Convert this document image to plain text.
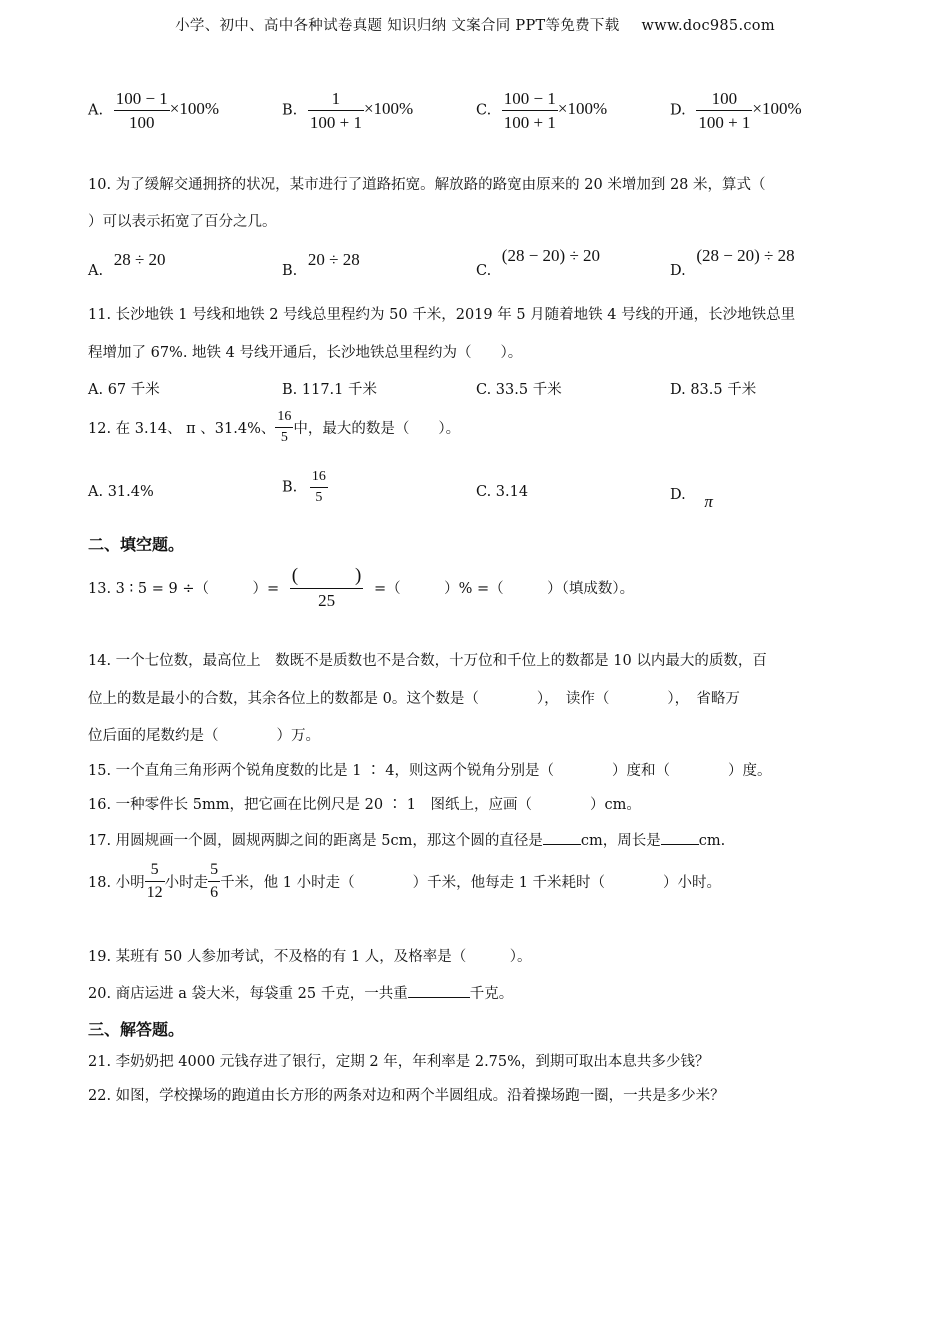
小学、初中、高中各种试卷真题 知识归纳 文案合同 PPT等免费下载 www.doc985.com
A. $\frac{100 - 1}{100} \times 100\%$	B. $\frac{1}{100 + 1} \times 100\%$	C. $\frac{100 - 1}{100 + 1} \times 100\%$	D. $\frac{100}{100 + 1} \times 100\%$
10. 为了缓解交通拥挤的状况，某市进行了道路拓宽。解放路的路宽由原来的 20 米增加到 28 米，算式（
）可以表示拓宽了百分之几。
A. 28 ÷ 20
B. 20 ÷ 28
C. (28 − 20) ÷ 20
D. (28 − 20) ÷ 28
11. 长沙地铁 1 号线和地铁 2 号线总里程约为 50 千米，2019 年 5 月随着地铁 4 号线的开通，长沙地铁总里
程增加了 67%. 地铁 4 号线开通后，长沙地铁总里程约为（　　）。
A. 67 千米	B. 117.1 千米	C. 33.5 千米	D. 83.5 千米
12. 在 3.14、 π 、31.4%、 $\frac{16}{5}$ 中，最大的数是（　　）。
A. 31.4%	B. $\frac{16}{5}$	C. 3.14	D. π
二、填空题。
13. 3 ∶ 5 = 9 ÷（　　　）= $\frac{( )}{25}$ =（　　　）% =（　　　）（填成数）。
14. 一个七位数，最高位上　数既不是质数也不是合数，十万位和千位上的数都是 10 以内最大的质数，百
位上的数是最小的合数，其余各位上的数都是 0。这个数是（　　　　），　读作（　　　　），　省略万
位后面的尾数约是（　　　　）万。
15. 一个直角三角形两个锐角度数的比是 1 ∶ 4，则这两个锐角分别是（　　　　）度和（　　　　）度。
16. 一种零件长 5mm，把它画在比例尺是 20 ∶ 1　图纸上，应画（　　　　）cm。
17. 用圆规画一个圆，圆规两脚之间的距离是 5cm，那这个圆的直径是	cm，周长是	cm.
18. 小明 $\frac{5}{12}$ 小时走 $\frac{5}{6}$ 千米，他 1 小时走（　　　　）千米，他每走 1 千米耗时（　　　　）小时。
19. 某班有 50 人参加考试，不及格的有 1 人，及格率是（　　　）。
20. 商店运进 a 袋大米，每袋重 25 千克，一共重	千克。
三、解答题。
21. 李奶奶把 4000 元钱存进了银行，定期 2 年，年利率是 2.75%，到期可取出本息共多少钱？
22. 如图，学校操场的跑道由长方形的两条对边和两个半圆组成。沿着操场跑一圈，一共是多少米？
